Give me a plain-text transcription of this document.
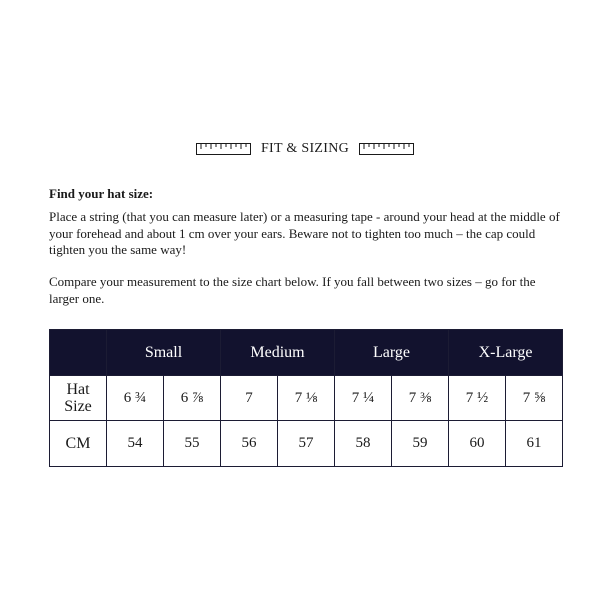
FIT & SIZING
Find your hat size:
Place a string (that you can measure later) or a measuring tape - around your head at the middle of your forehead and about 1 cm over your ears. Beware not to tighten too much – the cap could tighten you the same way!
Compare your measurement to the size chart below. If you fall between two sizes – go for the larger one.
	Small		Medium		Large		X-Large	
Hat
Size	6 ¾	6 ⅞	7	7 ⅛	7 ¼	7 ⅜	7 ½	7 ⅝
CM	54	55	56	57	58	59	60	61
